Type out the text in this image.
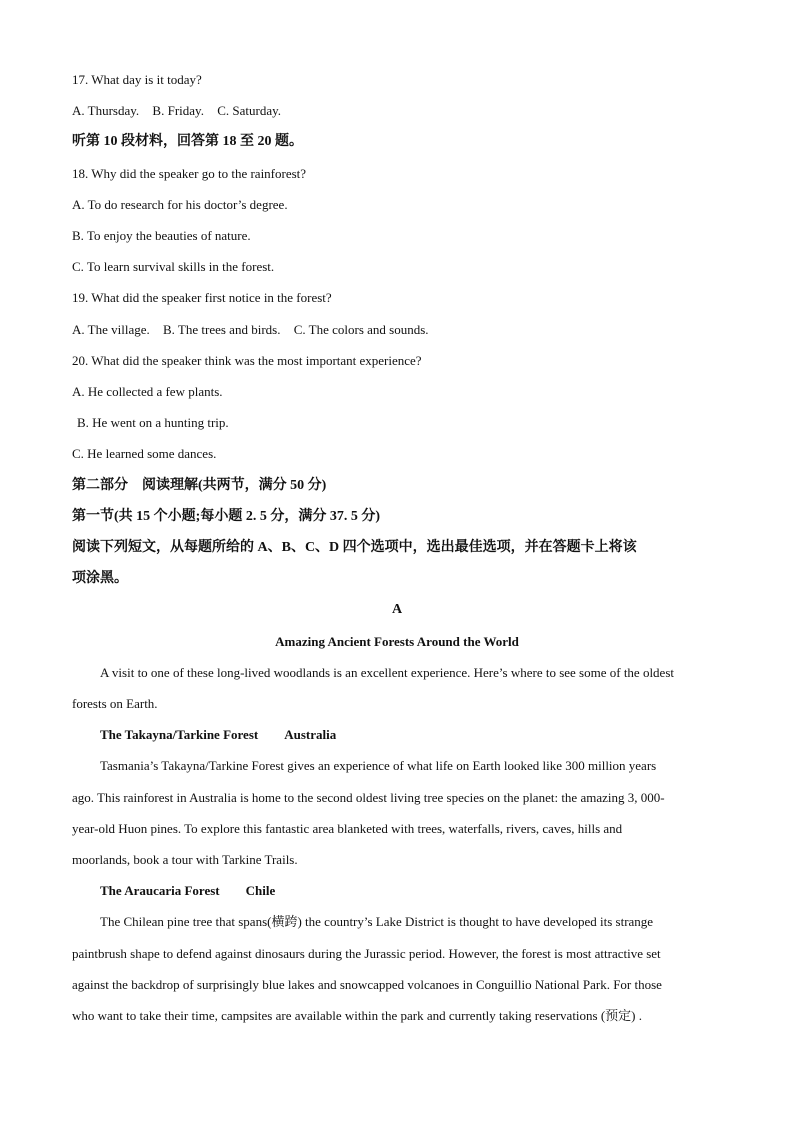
17. What day is it today?
A. Thursday. B. Friday. C. Saturday.
听第 10 段材料，回答第 18 至 20 题。
18. Why did the speaker go to the rainforest?
A. To do research for his doctor’s degree.
B. To enjoy the beauties of nature.
C. To learn survival skills in the forest.
19. What did the speaker first notice in the forest?
A. The village. B. The trees and birds. C. The colors and sounds.
20. What did the speaker think was the most important experience?
A. He collected a few plants.
B. He went on a hunting trip.
C. He learned some dances.
第二部分　阅读理解(共两节，满分 50 分)
第一节(共 15 个小题;每小题 2. 5 分，满分 37. 5 分)
阅读下列短文，从每题所给的 A、B、C、D 四个选项中，选出最佳选项，并在答题卡上将该
项涂黑。
A
Amazing Ancient Forests Around the World
A visit to one of these long-lived woodlands is an excellent experience. Here’s where to see some of the oldest
forests on Earth.
The Takayna/Tarkine Forest Australia
Tasmania’s Takayna/Tarkine Forest gives an experience of what life on Earth looked like 300 million years
ago. This rainforest in Australia is home to the second oldest living tree species on the planet: the amazing 3, 000-
year-old Huon pines. To explore this fantastic area blanketed with trees, waterfalls, rivers, caves, hills and
moorlands, book a tour with Tarkine Trails.
The Araucaria Forest Chile
The Chilean pine tree that spans(横跨) the country’s Lake District is thought to have developed its strange
paintbrush shape to defend against dinosaurs during the Jurassic period. However, the forest is most attractive set
against the backdrop of surprisingly blue lakes and snowcapped volcanoes in Conguillio National Park. For those
who want to take their time, campsites are available within the park and currently taking reservations (预定) .
